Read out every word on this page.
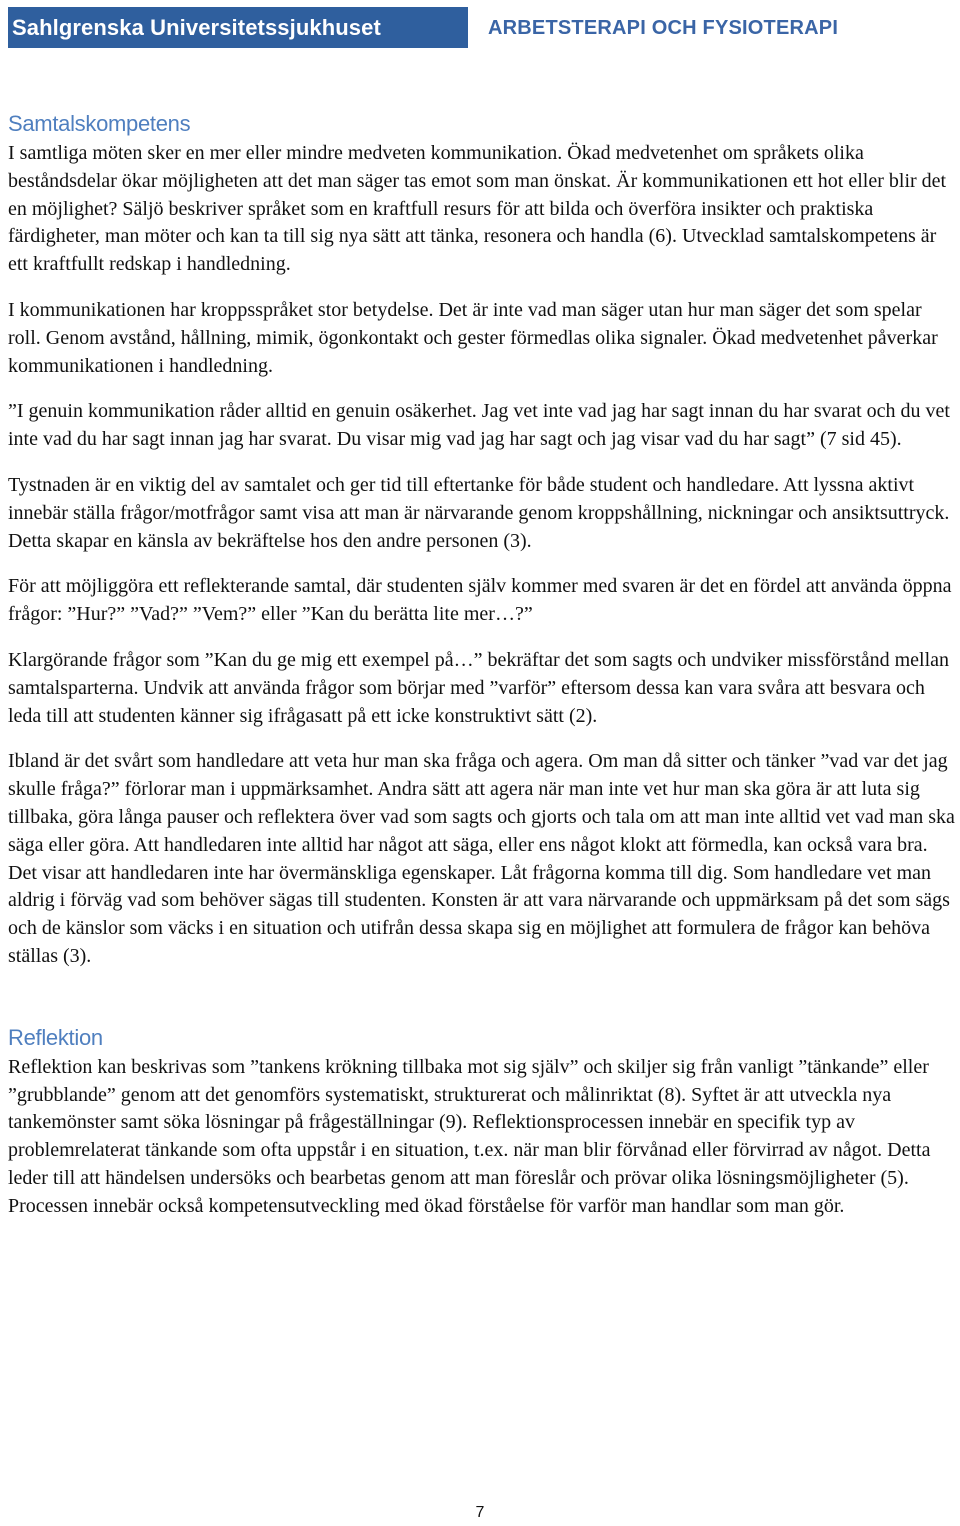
Sahlgrenska Universitetssjukhuset	ARBETSTERAPI OCH FYSIOTERAPI
Samtalskompetens

I samtliga möten sker en mer eller mindre medveten kommunikation. Ökad medvetenhet om språkets olika beståndsdelar ökar möjligheten att det man säger tas emot som man önskat. Är kommunikationen ett hot eller blir det en möjlighet? Säljö beskriver språket som en kraftfull resurs för att bilda och överföra insikter och praktiska färdigheter, man möter och kan ta till sig nya sätt att tänka, resonera och handla (6). Utvecklad samtalskompetens är ett kraftfullt redskap i handledning.

I kommunikationen har kroppsspråket stor betydelse. Det är inte vad man säger utan hur man säger det som spelar roll. Genom avstånd, hållning, mimik, ögonkontakt och gester förmedlas olika signaler. Ökad medvetenhet påverkar kommunikationen i handledning.

”I genuin kommunikation råder alltid en genuin osäkerhet. Jag vet inte vad jag har sagt innan du har svarat och du vet inte vad du har sagt innan jag har svarat. Du visar mig vad jag har sagt och jag visar vad du har sagt” (7 sid 45).

Tystnaden är en viktig del av samtalet och ger tid till eftertanke för både student och handledare. Att lyssna aktivt innebär ställa frågor/motfrågor samt visa att man är närvarande genom kroppshållning, nickningar och ansiktsuttryck. Detta skapar en känsla av bekräftelse hos den andre personen (3).

För att möjliggöra ett reflekterande samtal, där studenten själv kommer med svaren är det en fördel att använda öppna frågor: ”Hur?” ”Vad?” ”Vem?” eller ”Kan du berätta lite mer…?”

Klargörande frågor som ”Kan du ge mig ett exempel på…” bekräftar det som sagts och undviker missförstånd mellan samtalsparterna. Undvik att använda frågor som börjar med ”varför” eftersom dessa kan vara svåra att besvara och leda till att studenten känner sig ifrågasatt på ett icke konstruktivt sätt (2).

Ibland är det svårt som handledare att veta hur man ska fråga och agera. Om man då sitter och tänker ”vad var det jag skulle fråga?” förlorar man i uppmärksamhet. Andra sätt att agera när man inte vet hur man ska göra är att luta sig tillbaka, göra långa pauser och reflektera över vad som sagts och gjorts och tala om att man inte alltid vet vad man ska säga eller göra. Att handledaren inte alltid har något att säga, eller ens något klokt att förmedla, kan också vara bra. Det visar att handledaren inte har övermänskliga egenskaper. Låt frågorna komma till dig. Som handledare vet man aldrig i förväg vad som behöver sägas till studenten. Konsten är att vara närvarande och uppmärksam på det som sägs och de känslor som väcks i en situation och utifrån dessa skapa sig en möjlighet att formulera de frågor kan behöva ställas (3).

Reflektion

Reflektion kan beskrivas som ”tankens krökning tillbaka mot sig själv” och skiljer sig från vanligt ”tänkande” eller ”grubblande” genom att det genomförs systematiskt, strukturerat och målinriktat (8). Syftet är att utveckla nya tankemönster samt söka lösningar på frågeställningar (9). Reflektionsprocessen innebär en specifik typ av problemrelaterat tänkande som ofta uppstår i en situation, t.ex. när man blir förvånad eller förvirrad av något. Detta leder till att händelsen undersöks och bearbetas genom att man föreslår och prövar olika lösningsmöjligheter (5). Processen innebär också kompetensutveckling med ökad förståelse för varför man handlar som man gör.

7
